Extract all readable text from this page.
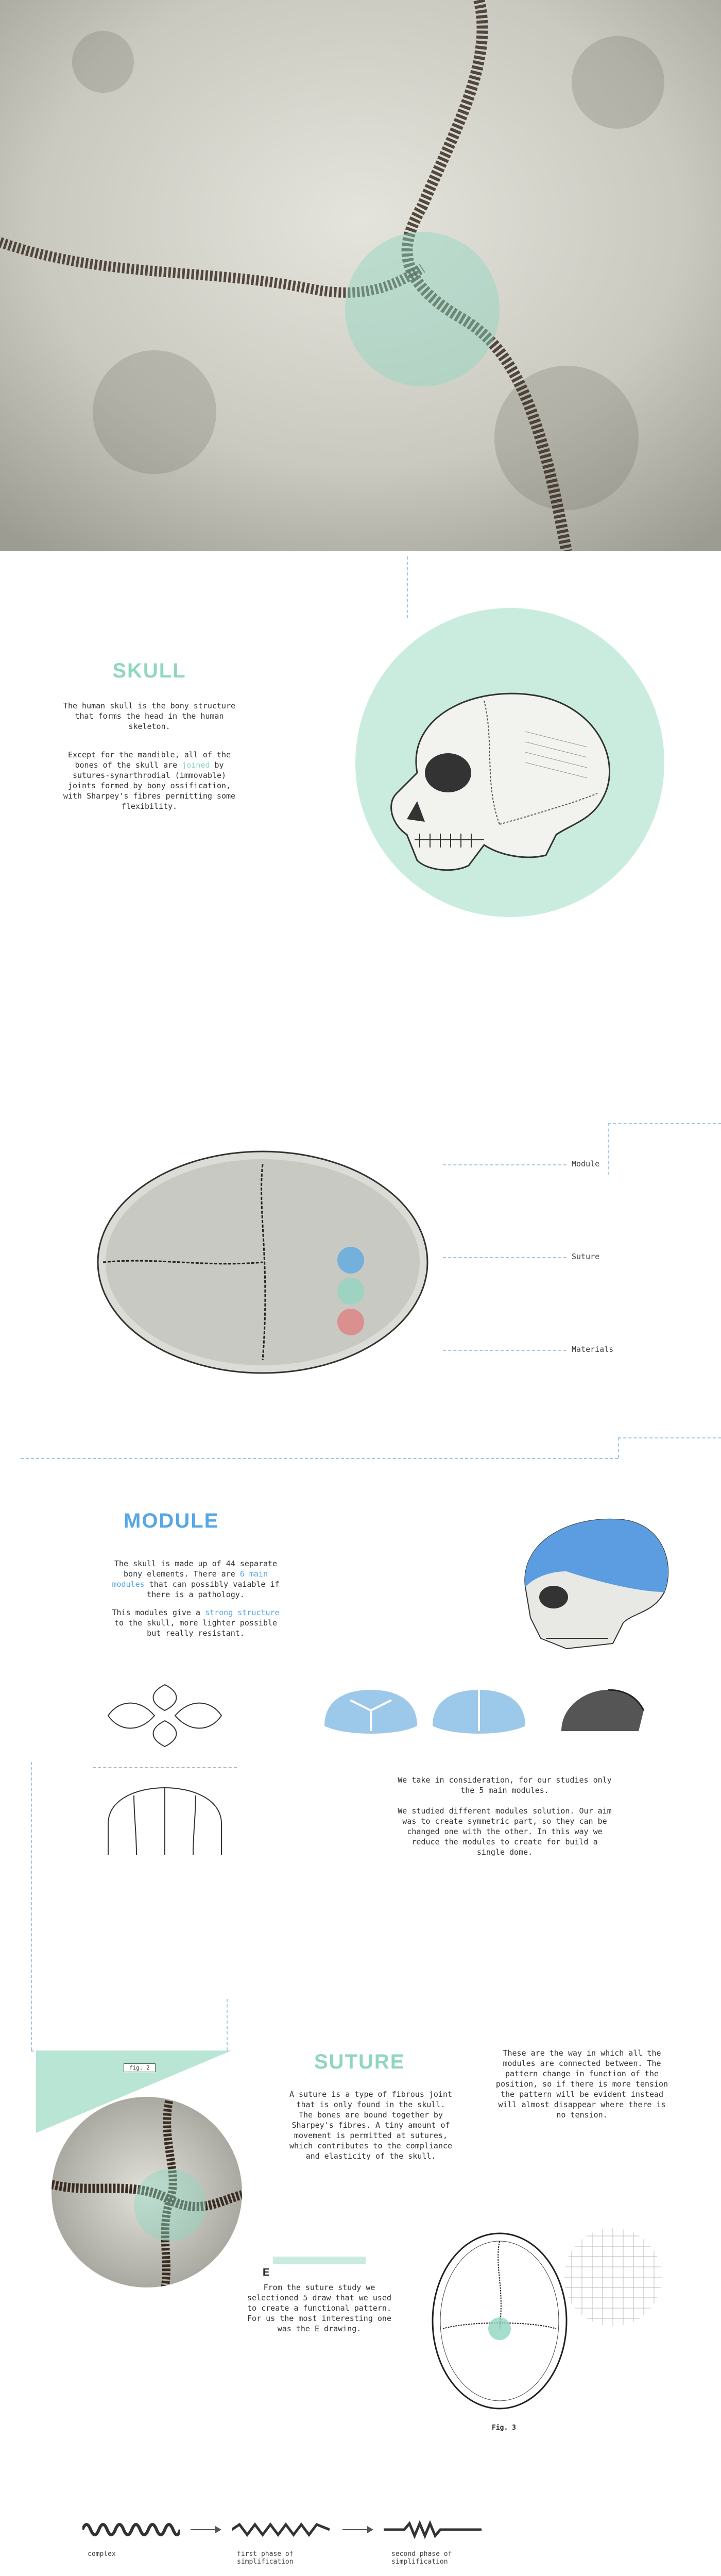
SKULL
The human skull is the bony structure that forms the head in the human skeleton.

Except for the mandible, all of the bones of the skull are joined by sutures-synarthrodial (immovable) joints formed by bony ossification, with Sharpey's fibres permitting some flexibility.

fig. 1.1
Module
Suture
Materials
MODULE

The skull is made up of 44 separate bony elements. There are 6 main modules that can possibly vaiable if there is a pathology.

This modules give a strong structure to the skull, more lighter possible but really resistant.

We take in consideration, for our studies only the 5 main modules.
We studied different modules solution. Our aim was to create symmetric part, so they can be changed one with the other. In this way we reduce the modules to create for build a single dome.
fig. 2	SUTURE
A suture is a type of fibrous joint that is only found in the skull. The bones are bound together by Sharpey's fibres. A tiny amount of movement is permitted at sutures, which contributes to the compliance and elasticity of the skull.
These are the way in which all the modules are connected between. The pattern change in function of the position, so if there is more tension the pattern will be evident instead will almost disappear where there is no tension.
E
From the suture study we selectioned 5 draw that we used to create a functional pattern. For us the most interesting one was the E drawing.
Fig. 3
complex	first phase of simplification
second phase of simplification
